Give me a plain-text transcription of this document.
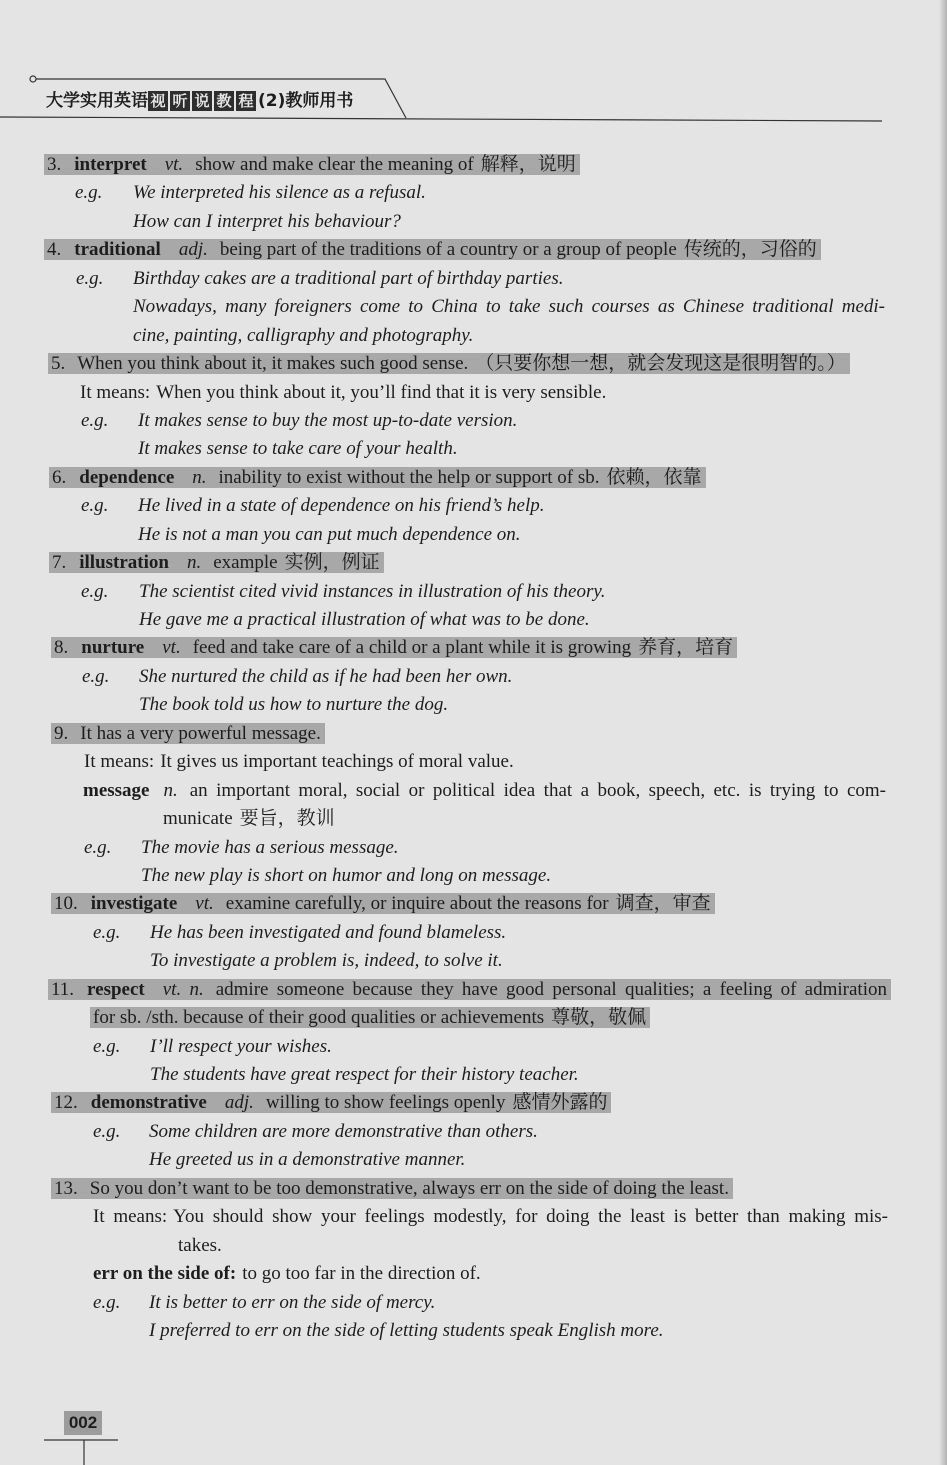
大学实用英语 视 听 说 教 程 (2)教师用书
3. interpret vt. show and make clear the meaning of 解释，说明
e.g. We interpreted his silence as a refusal.
How can I interpret his behaviour?
4. traditional adj. being part of the traditions of a country or a group of people 传统的，习俗的
e.g. Birthday cakes are a traditional part of birthday parties.
Nowadays, many foreigners come to China to take such courses as Chinese traditional medi-
cine, painting, calligraphy and photography.
5. When you think about it, it makes such good sense. （只要你想一想，就会发现这是很明智的。）
It means: When you think about it, you’ll find that it is very sensible.
e.g. It makes sense to buy the most up-to-date version.
It makes sense to take care of your health.
6. dependence n. inability to exist without the help or support of sb. 依赖，依靠
e.g. He lived in a state of dependence on his friend’s help.
He is not a man you can put much dependence on.
7. illustration n. example 实例，例证
e.g. The scientist cited vivid instances in illustration of his theory.
He gave me a practical illustration of what was to be done.
8. nurture vt. feed and take care of a child or a plant while it is growing 养育，培育
e.g. She nurtured the child as if he had been her own.
The book told us how to nurture the dog.
9. It has a very powerful message.
It means: It gives us important teachings of moral value.
message n. an important moral, social or political idea that a book, speech, etc. is trying to com-
municate 要旨，教训
e.g. The movie has a serious message.
The new play is short on humor and long on message.
10. investigate vt. examine carefully, or inquire about the reasons for 调查，审查
e.g. He has been investigated and found blameless.
To investigate a problem is, indeed, to solve it.
11. respect vt. n. admire someone because they have good personal qualities; a feeling of admiration
for sb. /sth. because of their good qualities or achievements 尊敬，敬佩
e.g. I’ll respect your wishes.
The students have great respect for their history teacher.
12. demonstrative adj. willing to show feelings openly 感情外露的
e.g. Some children are more demonstrative than others.
He greeted us in a demonstrative manner.
13. So you don’t want to be too demonstrative, always err on the side of doing the least.
It means: You should show your feelings modestly, for doing the least is better than making mis-
takes.
err on the side of: to go too far in the direction of.
e.g. It is better to err on the side of mercy.
I preferred to err on the side of letting students speak English more.
002
